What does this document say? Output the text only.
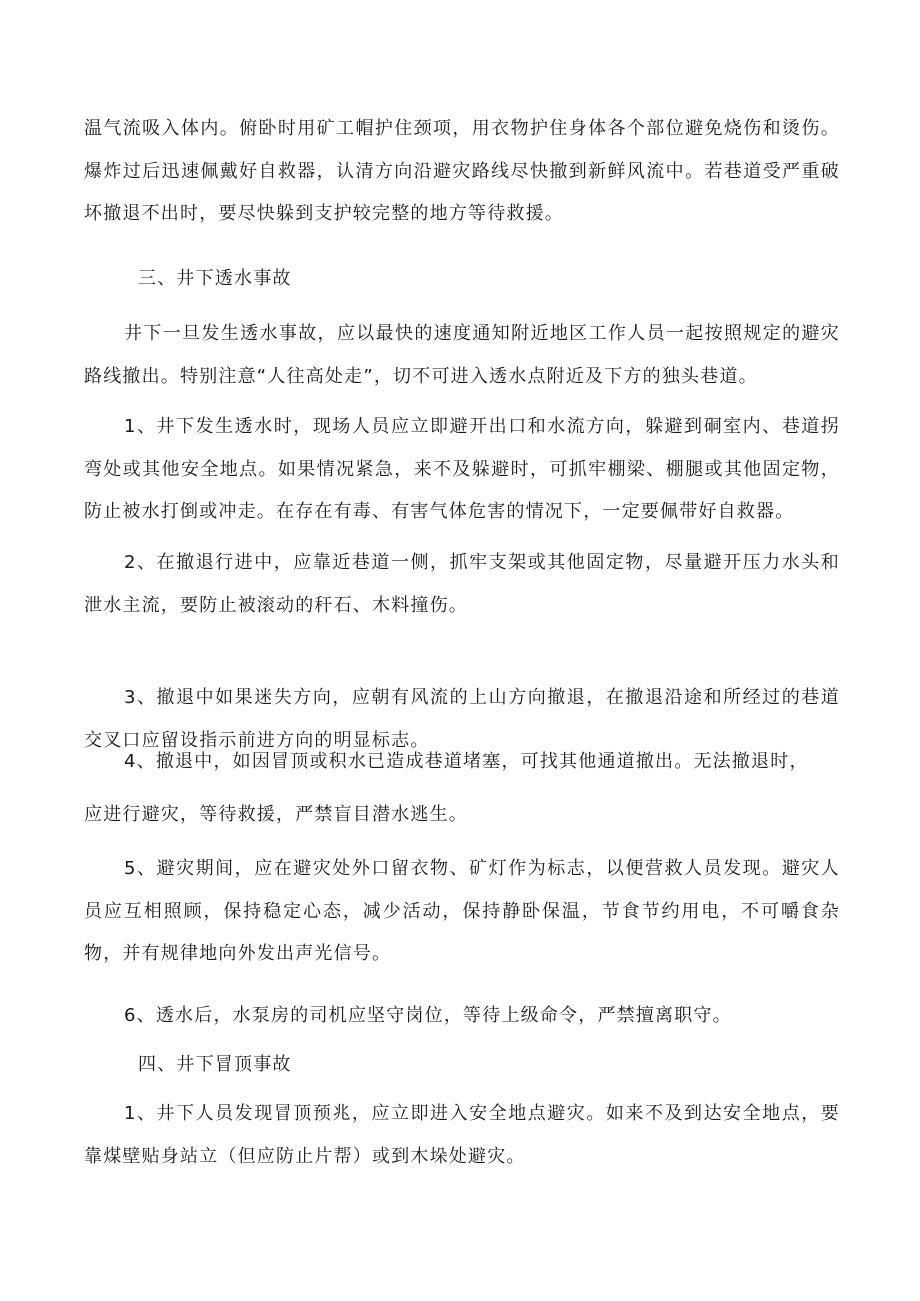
温气流吸入体内。俯卧时用矿工帽护住颈项，用衣物护住身体各个部位避免烧伤和烫伤。爆炸过后迅速佩戴好自救器，认清方向沿避灾路线尽快撤到新鲜风流中。若巷道受严重破坏撤退不出时，要尽快躲到支护较完整的地方等待救援。

三、井下透水事故

井下一旦发生透水事故，应以最快的速度通知附近地区工作人员一起按照规定的避灾路线撤出。特别注意“人往高处走”，切不可进入透水点附近及下方的独头巷道。

1、井下发生透水时，现场人员应立即避开出口和水流方向，躲避到硐室内、巷道拐弯处或其他安全地点。如果情况紧急，来不及躲避时，可抓牢棚梁、棚腿或其他固定物，防止被水打倒或冲走。在存在有毒、有害气体危害的情况下，一定要佩带好自救器。

2、在撤退行进中，应靠近巷道一侧，抓牢支架或其他固定物，尽量避开压力水头和泄水主流，要防止被滚动的秆石、木料撞伤。

3、撤退中如果迷失方向，应朝有风流的上山方向撤退，在撤退沿途和所经过的巷道交叉口应留设指示前进方向的明显标志。

4、撤退中，如因冒顶或积水已造成巷道堵塞，可找其他通道撤出。无法撤退时，

应进行避灾，等待救援，严禁盲目潜水逃生。

5、避灾期间，应在避灾处外口留衣物、矿灯作为标志，以便营救人员发现。避灾人员应互相照顾，保持稳定心态，减少活动，保持静卧保温，节食节约用电，不可嚼食杂物，并有规律地向外发出声光信号。

6、透水后，水泵房的司机应坚守岗位，等待上级命令，严禁擅离职守。

四、井下冒顶事故

1、井下人员发现冒顶预兆，应立即进入安全地点避灾。如来不及到达安全地点，要靠煤壁贴身站立（但应防止片帮）或到木垛处避灾。
